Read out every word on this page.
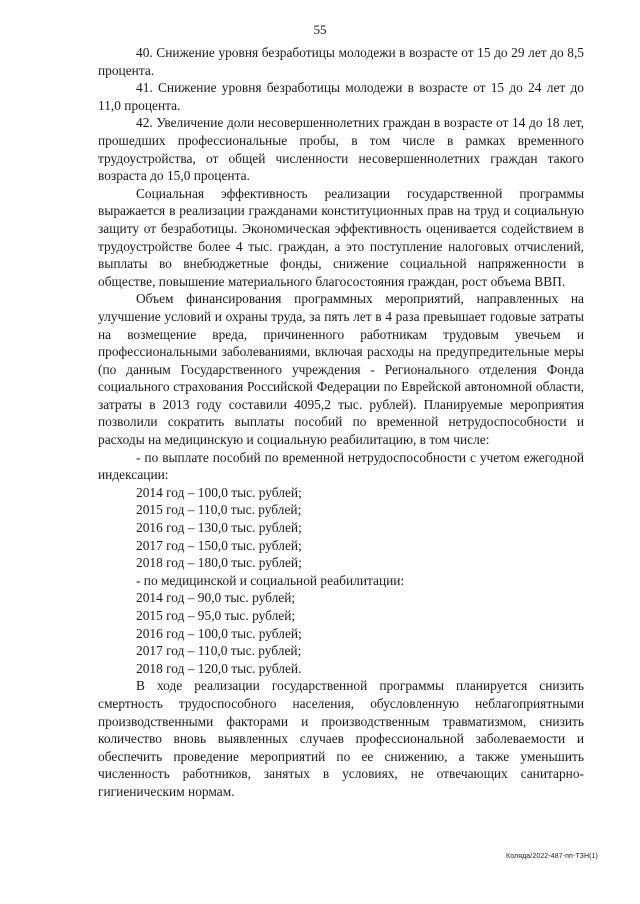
55

40. Снижение уровня безработицы молодежи в возрасте от 15 до 29 лет до 8,5 процента.

41. Снижение уровня безработицы молодежи в возрасте от 15 до 24 лет до 11,0 процента.

42. Увеличение доли несовершеннолетних граждан в возрасте от 14 до 18 лет, прошедших профессиональные пробы, в том числе в рамках временного трудоустройства, от общей численности несовершеннолетних граждан такого возраста до 15,0 процента.

Социальная эффективность реализации государственной программы выражается в реализации гражданами конституционных прав на труд и социальную защиту от безработицы. Экономическая эффективность оценивается содействием в трудоустройстве более 4 тыс. граждан, а это поступление налоговых отчислений, выплаты во внебюджетные фонды, снижение социальной напряженности в обществе, повышение материального благосостояния граждан, рост объема ВВП.

Объем финансирования программных мероприятий, направленных на улучшение условий и охраны труда, за пять лет в 4 раза превышает годовые затраты на возмещение вреда, причиненного работникам трудовым увечьем и профессиональными заболеваниями, включая расходы на предупредительные меры (по данным Государственного учреждения - Регионального отделения Фонда социального страхования Российской Федерации по Еврейской автономной области, затраты в 2013 году составили 4095,2 тыс. рублей). Планируемые мероприятия позволили сократить выплаты пособий по временной нетрудоспособности и расходы на медицинскую и социальную реабилитацию, в том числе:

- по выплате пособий по временной нетрудоспособности с учетом ежегодной индексации:

2014 год – 100,0 тыс. рублей;

2015 год – 110,0 тыс. рублей;

2016 год – 130,0 тыс. рублей;

2017 год – 150,0 тыс. рублей;

2018 год – 180,0 тыс. рублей;

- по медицинской и социальной реабилитации:

2014 год – 90,0 тыс. рублей;

2015 год – 95,0 тыс. рублей;

2016 год – 100,0 тыс. рублей;

2017 год – 110,0 тыс. рублей;

2018 год – 120,0 тыс. рублей.

В ходе реализации государственной программы планируется снизить смертность трудоспособного населения, обусловленную неблагоприятными производственными факторами и производственным травматизмом, снизить количество вновь выявленных случаев профессиональной заболеваемости и обеспечить проведение мероприятий по ее снижению, а также уменьшить численность работников, занятых в условиях, не отвечающих санитарно-гигиеническим нормам.

Коляда/2022-487-пп-ТЗН(1)
